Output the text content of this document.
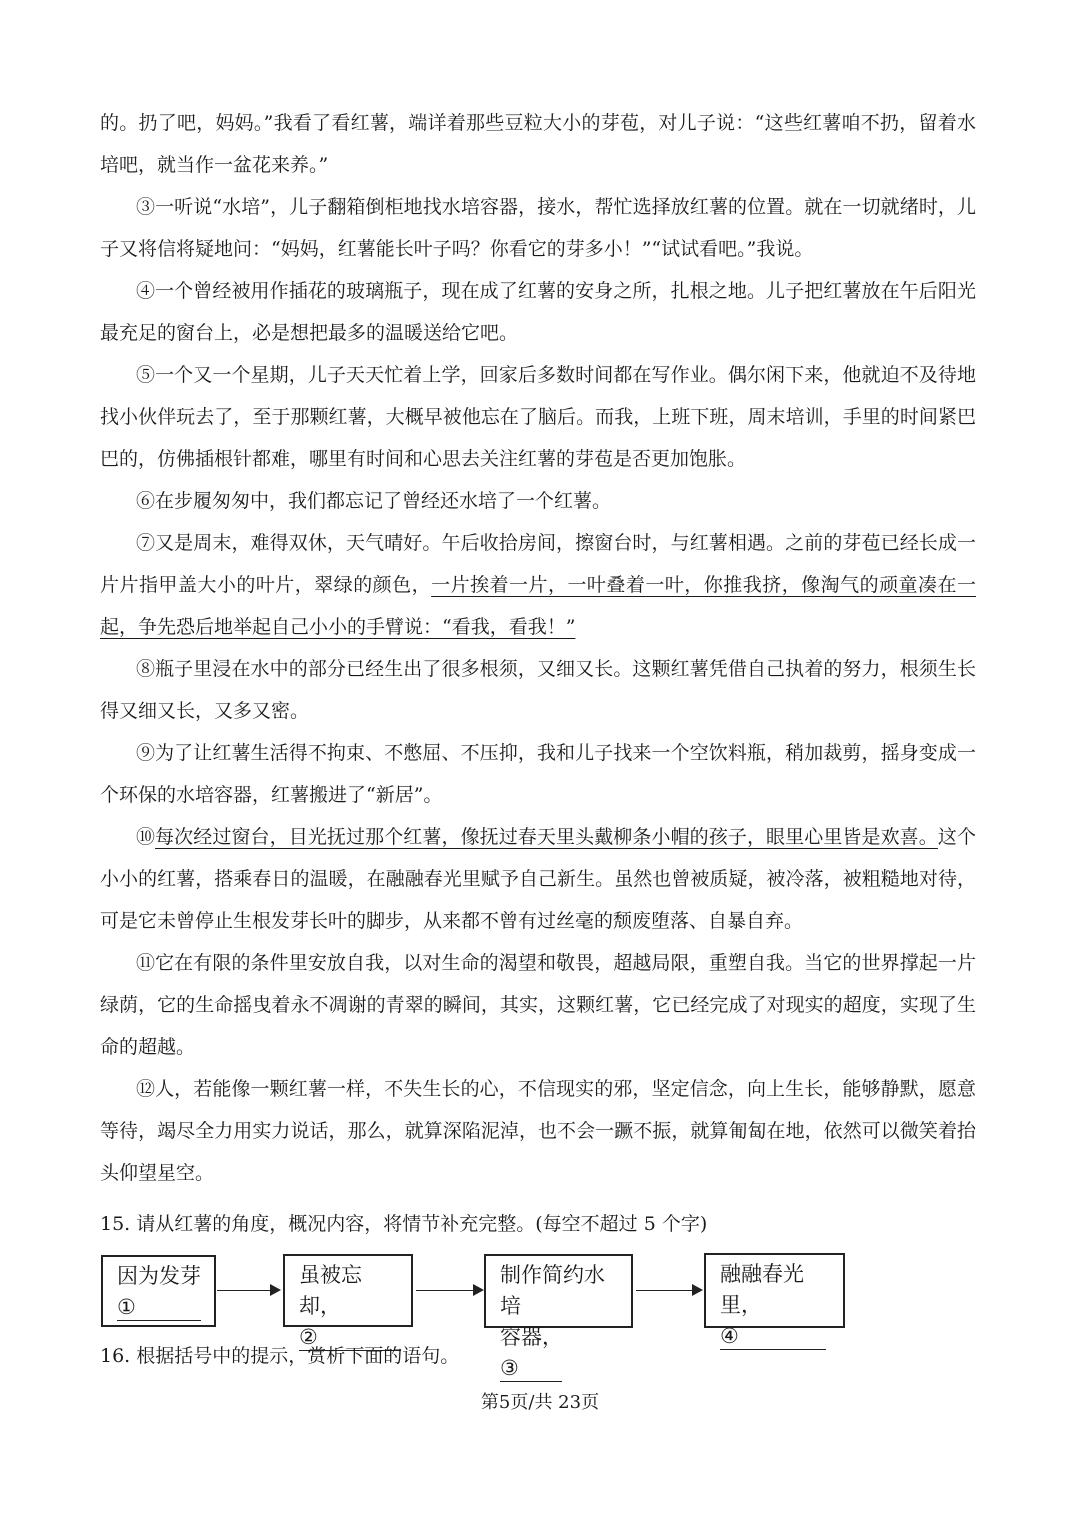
的。扔了吧，妈妈。”我看了看红薯，端详着那些豆粒大小的芽苞，对儿子说：“这些红薯咱不扔，留着水培吧，就当作一盆花来养。”

③一听说“水培”，儿子翻箱倒柜地找水培容器，接水，帮忙选择放红薯的位置。就在一切就绪时，儿子又将信将疑地问：“妈妈，红薯能长叶子吗？你看它的芽多小！”“试试看吧。”我说。

④一个曾经被用作插花的玻璃瓶子，现在成了红薯的安身之所，扎根之地。儿子把红薯放在午后阳光最充足的窗台上，必是想把最多的温暖送给它吧。

⑤一个又一个星期，儿子天天忙着上学，回家后多数时间都在写作业。偶尔闲下来，他就迫不及待地找小伙伴玩去了，至于那颗红薯，大概早被他忘在了脑后。而我，上班下班，周末培训，手里的时间紧巴巴的，仿佛插根针都难，哪里有时间和心思去关注红薯的芽苞是否更加饱胀。

⑥在步履匆匆中，我们都忘记了曾经还水培了一个红薯。

⑦又是周末，难得双休，天气晴好。午后收拾房间，擦窗台时，与红薯相遇。之前的芽苞已经长成一片片指甲盖大小的叶片，翠绿的颜色，一片挨着一片，一叶叠着一叶，你推我挤，像淘气的顽童凑在一起，争先恐后地举起自己小小的手臂说：“看我，看我！”

⑧瓶子里浸在水中的部分已经生出了很多根须，又细又长。这颗红薯凭借自己执着的努力，根须生长得又细又长，又多又密。

⑨为了让红薯生活得不拘束、不憋屈、不压抑，我和儿子找来一个空饮料瓶，稍加裁剪，摇身变成一个环保的水培容器，红薯搬进了“新居”。

⑩每次经过窗台，目光抚过那个红薯，像抚过春天里头戴柳条小帽的孩子，眼里心里皆是欢喜。这个小小的红薯，搭乘春日的温暖，在融融春光里赋予自己新生。虽然也曾被质疑，被冷落，被粗糙地对待，可是它未曾停止生根发芽长叶的脚步，从来都不曾有过丝毫的颓废堕落、自暴自弃。

⑪它在有限的条件里安放自我，以对生命的渴望和敬畏，超越局限，重塑自我。当它的世界撑起一片绿荫，它的生命摇曳着永不凋谢的青翠的瞬间，其实，这颗红薯，它已经完成了对现实的超度，实现了生命的超越。

⑫人，若能像一颗红薯一样，不失生长的心，不信现实的邪，坚定信念，向上生长，能够静默，愿意等待，竭尽全力用实力说话，那么，就算深陷泥淖，也不会一蹶不振，就算匍匐在地，依然可以微笑着抬头仰望星空。

15. 请从红薯的角度，概况内容，将情节补充完整。(每空不超过 5 个字)

因为发芽
①
虽被忘却，
②
制作简约水培
容器，③
融融春光里，
④

16. 根据括号中的提示，赏析下面的语句。

第5页/共 23页
